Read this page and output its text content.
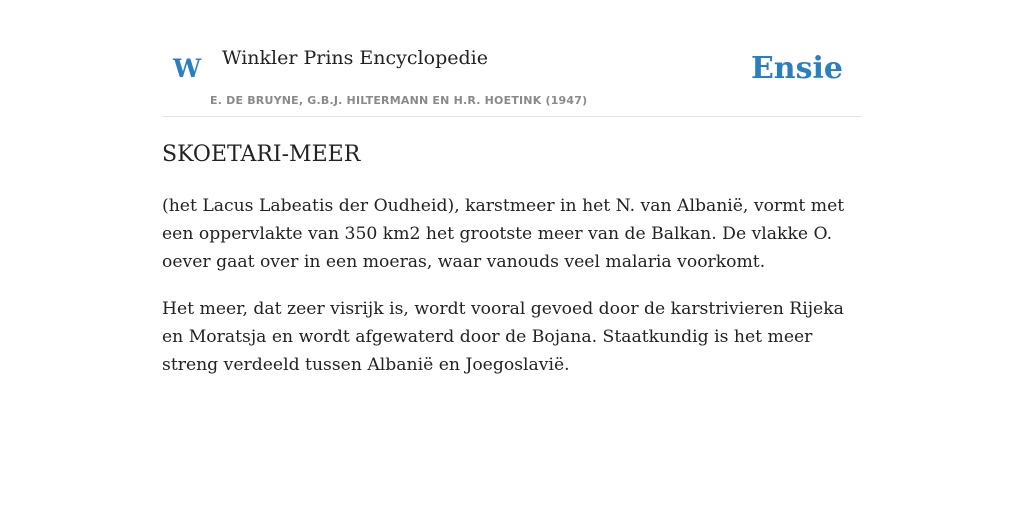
W Winkler Prins Encyclopedie
E. DE BRUYNE, G.B.J. HILTERMANN EN H.R. HOETINK (1947)
Ensie
SKOETARI-MEER

(het Lacus Labeatis der Oudheid), karstmeer in het N. van Albanië, vormt met een oppervlakte van 350 km2 het grootste meer van de Balkan. De vlakke O. oever gaat over in een moeras, waar vanouds veel malaria voorkomt.

Het meer, dat zeer visrijk is, wordt vooral gevoed door de karstrivieren Rijeka en Moratsja en wordt afgewaterd door de Bojana. Staatkundig is het meer streng verdeeld tussen Albanië en Joegoslavië.
